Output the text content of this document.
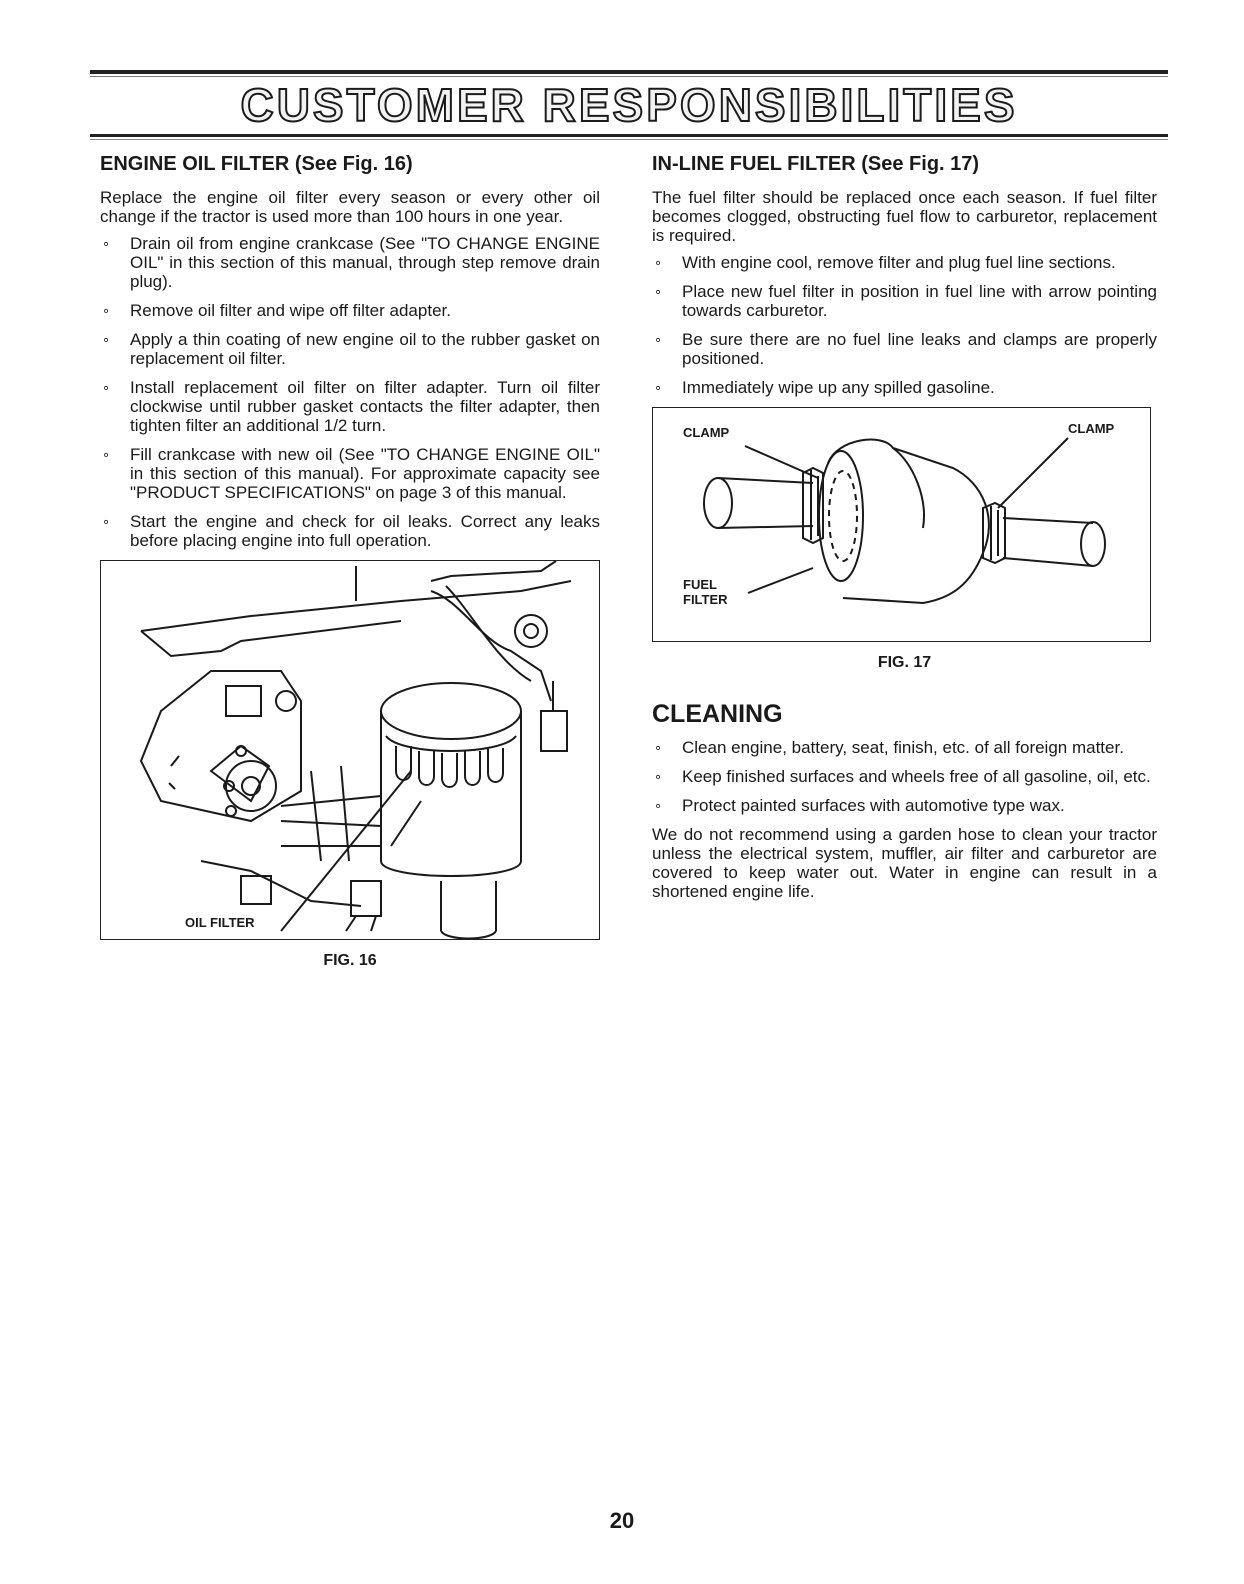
CUSTOMER RESPONSIBILITIES
ENGINE OIL FILTER (See Fig. 16)

Replace the engine oil filter every season or every other oil change if the tractor is used more than 100 hours in one year.

∘ Drain oil from engine crankcase (See "TO CHANGE ENGINE OIL" in this section of this manual, through step remove drain plug).
∘ Remove oil filter and wipe off filter adapter.
∘ Apply a thin coating of new engine oil to the rubber gasket on replacement oil filter.
∘ Install replacement oil filter on filter adapter. Turn oil filter clockwise until rubber gasket contacts the filter adapter, then tighten filter an additional 1/2 turn.
∘ Fill crankcase with new oil (See "TO CHANGE ENGINE OIL" in this section of this manual). For approximate capacity see "PRODUCT SPECIFICATIONS" on page 3 of this manual.
∘ Start the engine and check for oil leaks. Correct any leaks before placing engine into full operation.
OIL FILTER
FIG. 16
IN-LINE FUEL FILTER (See Fig. 17)

The fuel filter should be replaced once each season. If fuel filter becomes clogged, obstructing fuel flow to carburetor, replacement is required.

∘ With engine cool, remove filter and plug fuel line sections.
∘ Place new fuel filter in position in fuel line with arrow pointing towards carburetor.
∘ Be sure there are no fuel line leaks and clamps are properly positioned.
∘ Immediately wipe up any spilled gasoline.
CLAMP	CLAMP
FUEL
FILTER
FIG. 17
CLEANING
∘ Clean engine, battery, seat, finish, etc. of all foreign matter.
∘ Keep finished surfaces and wheels free of all gasoline, oil, etc.
∘ Protect painted surfaces with automotive type wax.

We do not recommend using a garden hose to clean your tractor unless the electrical system, muffler, air filter and carburetor are covered to keep water out. Water in engine can result in a shortened engine life.

20
